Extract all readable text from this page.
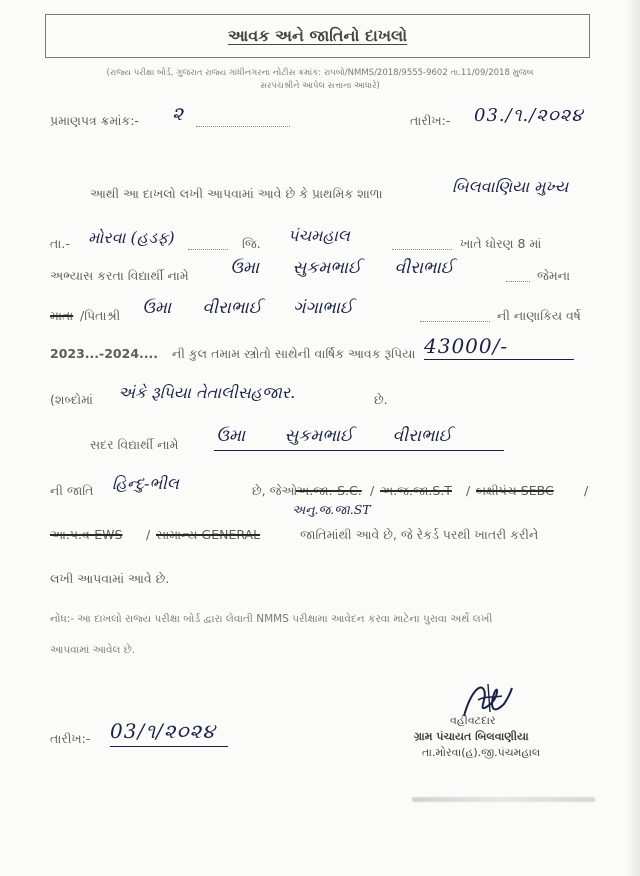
આવક અને જાતિનો દાખલો
(રાજ્ય પરીક્ષા બોર્ડ, ગુજરાત રાજ્ય ગાંધીનગરના નોટીસ ક્રમાંક: રાપબો/NMMS/2018/9555-9602 તા.11/09/2018 મુજબ
સરપંચશ્રીને આપેલ સત્તાના આધારે)
પ્રમાણપત્ર ક્રમાંક:- ૨	તારીખ:- 03./૧./૨૦૨૪
આથી આ દાખલો લખી આપવામાં આવે છે કે પ્રાથમિક શાળા	બિલવાણિયા મુખ્ય
તા.- મોરવા (હડફ)	જિ. પંચમહાલ	ખાતે ધોરણ 8 માં
અભ્યાસ કરતા વિદ્યાર્થી નામે ઉમા સુકમભાઈ વીરાભાઈ	જેમના
માતા /પિતાશ્રી ઉમા વીરાભાઈ ગંગાભાઈ	ની નાણાકિય વર્ષ
2023...-2024.... ની કુલ તમામ સ્ત્રોતો સાથેની વાર્ષિક આવક રૂપિયા 43000/-
(શબ્દોમાં અંકે રૂપિયા તેતાલીસહજાર.	છે.
સદર વિદ્યાર્થી નામે ઉમા સુકમભાઈ વીરાભાઈ
ની જાતિ હિન્દુ-ભીલ	છે, જેઓ
અ.જા.-S.C. / અ.જ.જા.S.T / બક્ષીપંચ SEBC /
અનુ.જ.જા.ST
આ.પ.વ-EWS / સામાન્ય GENERAL	જાતિમાંથી આવે છે, જે રેકર્ડ પરથી ખાતરી કરીને
લખી આપવામાં આવે છે.
નોંધ:- આ દાખલો રાજ્ય પરીક્ષા બોર્ડ દ્વારા લેવાતી NMMS પરીક્ષામાં આવેદન કરવા માટેના પુરાવા અર્થે લખી
આપવામાં આવેલ છે.
તારીખ:- 03/૧/૨૦૨૪	વહીવટદાર
ગ્રામ પંચાયત બિલવાણીયા
તા.મોરવા(હ).જી.પંચમહાલ
